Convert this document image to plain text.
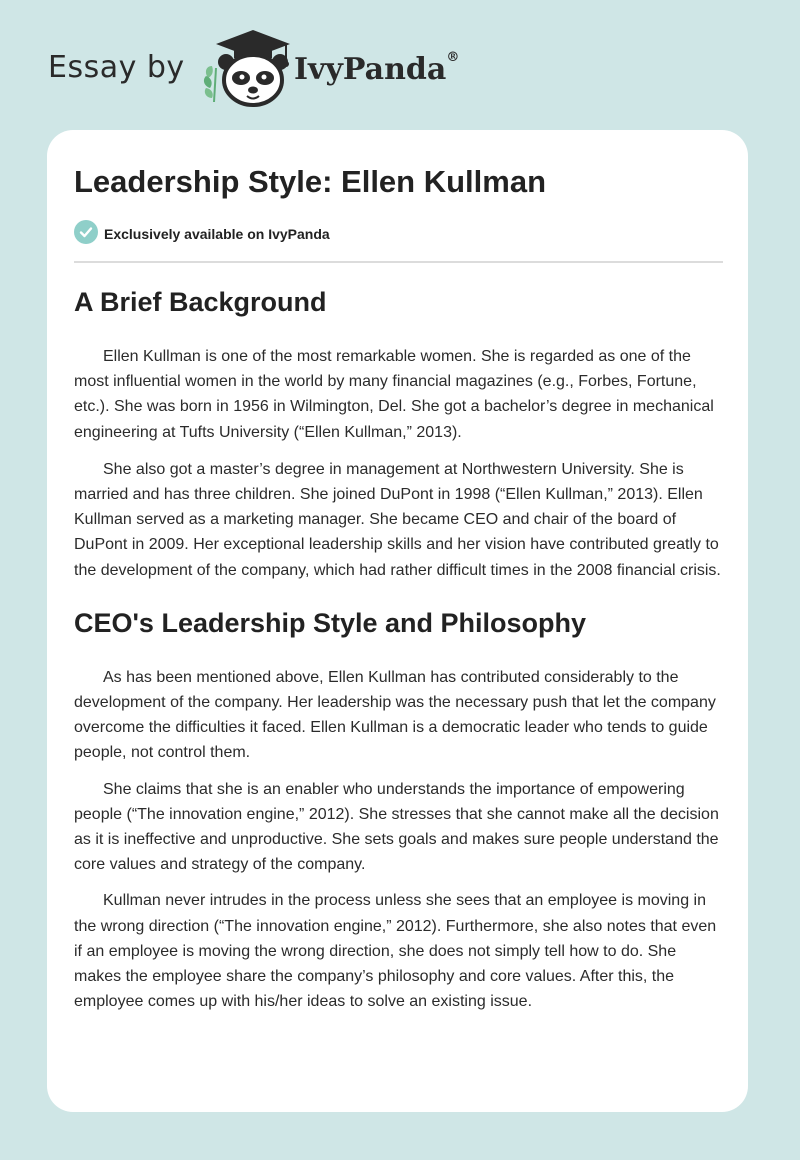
Essay by	IvyPanda®
Leadership Style: Ellen Kullman
Exclusively available on IvyPanda
A Brief Background

Ellen Kullman is one of the most remarkable women. She is regarded as one of the most influential women in the world by many financial magazines (e.g., Forbes, Fortune, etc.). She was born in 1956 in Wilmington, Del. She got a bachelor’s degree in mechanical engineering at Tufts University (“Ellen Kullman,” 2013).

She also got a master’s degree in management at Northwestern University. She is married and has three children. She joined DuPont in 1998 (“Ellen Kullman,” 2013). Ellen Kullman served as a marketing manager. She became CEO and chair of the board of DuPont in 2009. Her exceptional leadership skills and her vision have contributed greatly to the development of the company, which had rather difficult times in the 2008 financial crisis.

CEO's Leadership Style and Philosophy

As has been mentioned above, Ellen Kullman has contributed considerably to the development of the company. Her leadership was the necessary push that let the company overcome the difficulties it faced. Ellen Kullman is a democratic leader who tends to guide people, not control them.

She claims that she is an enabler who understands the importance of empowering people (“The innovation engine,” 2012). She stresses that she cannot make all the decision as it is ineffective and unproductive. She sets goals and makes sure people understand the core values and strategy of the company.

Kullman never intrudes in the process unless she sees that an employee is moving in the wrong direction (“The innovation engine,” 2012). Furthermore, she also notes that even if an employee is moving the wrong direction, she does not simply tell how to do. She makes the employee share the company’s philosophy and core values. After this, the employee comes up with his/her ideas to solve an existing issue.
